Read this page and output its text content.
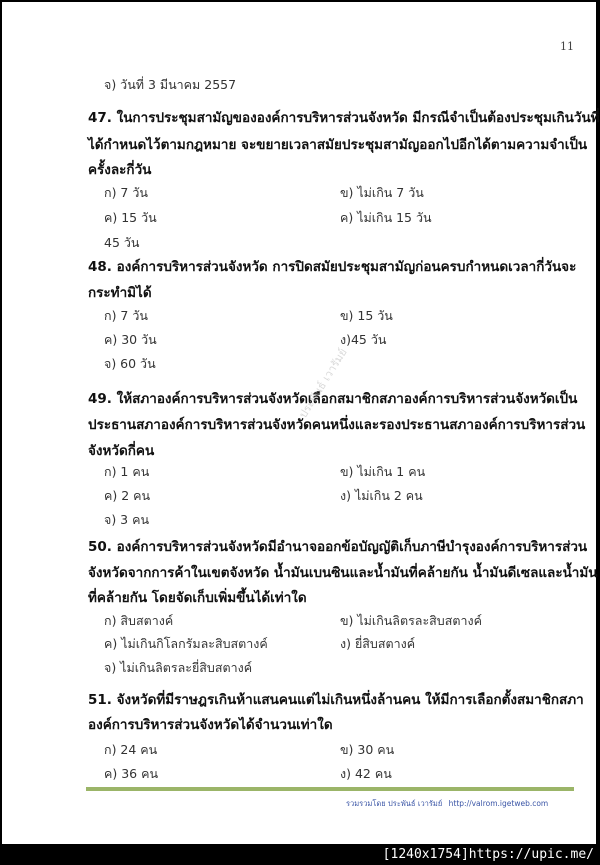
11
จ) วันที่ 3 มีนาคม 2557
47. ในการประชุมสามัญขององค์การบริหารส่วนจังหวัด มีกรณีจำเป็นต้องประชุมเกินวันที่
ได้กำหนดไว้ตามกฎหมาย จะขยายเวลาสมัยประชุมสามัญออกไปอีกได้ตามความจำเป็น
ครั้งละกี่วัน
ก) 7 วัน	ข) ไม่เกิน 7 วัน
ค) 15 วัน	ค) ไม่เกิน 15 วัน
45 วัน
48. องค์การบริหารส่วนจังหวัด การปิดสมัยประชุมสามัญก่อนครบกำหนดเวลากี่วันจะ
กระทำมิได้
ก) 7 วัน	ข) 15 วัน
ค) 30 วัน	ง)45 วัน
จ) 60 วัน
49. ให้สภาองค์การบริหารส่วนจังหวัดเลือกสมาชิกสภาองค์การบริหารส่วนจังหวัดเป็น
ประธานสภาองค์การบริหารส่วนจังหวัดคนหนึ่งและรองประธานสภาองค์การบริหารส่วน
จังหวัดกี่คน
ก) 1 คน	ข) ไม่เกิน 1 คน
ค) 2 คน	ง) ไม่เกิน 2 คน
จ) 3 คน
50. องค์การบริหารส่วนจังหวัดมีอำนาจออกข้อบัญญัติเก็บภาษีบำรุงองค์การบริหารส่วน
จังหวัดจากการค้าในเขตจังหวัด น้ำมันเบนซินและน้ำมันที่คล้ายกัน น้ำมันดีเซลและน้ำมัน
ที่คล้ายกัน โดยจัดเก็บเพิ่มขึ้นได้เท่าใด
ก) สิบสตางค์	ข) ไม่เกินลิตรละสิบสตางค์
ค) ไม่เกินกิโลกรัมละสิบสตางค์	ง) ยี่สิบสตางค์
จ) ไม่เกินลิตรละยี่สิบสตางค์
51. จังหวัดที่มีราษฎรเกินห้าแสนคนแต่ไม่เกินหนึ่งล้านคน ให้มีการเลือกตั้งสมาชิกสภา
องค์การบริหารส่วนจังหวัดได้จำนวนเท่าใด
ก) 24 คน	ข) 30 คน
ค) 36 คน	ง) 42 คน
ประพันธ์ เวารัมย์
รวมรวมโดย ประพันธ์ เวารัมย์ http://valrom.igetweb.com
[1240x1754]https://upic.me/
